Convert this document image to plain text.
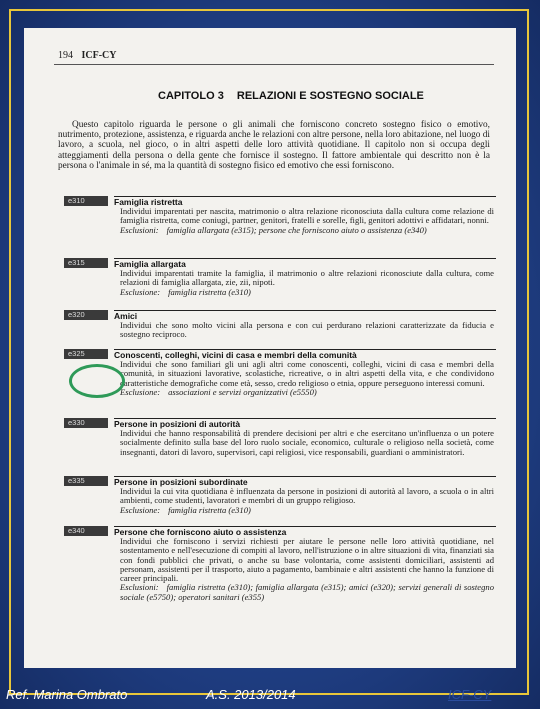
194 ICF-CY
CAPITOLO 3 RELAZIONI E SOSTEGNO SOCIALE

Questo capitolo riguarda le persone o gli animali che forniscono concreto sostegno fisico o emotivo, nutrimento, protezione, assistenza, e riguarda anche le relazioni con altre persone, nella loro abitazione, nel luogo di lavoro, a scuola, nel gioco, o in altri aspetti delle loro attività quotidiane. Il capitolo non si occupa degli atteggiamenti della persona o della gente che fornisce il sostegno. Il fattore ambientale qui descritto non è la persona o l'animale in sé, ma la quantità di sostegno fisico ed emotivo che essi forniscono.

e310	Famiglia ristretta
Individui imparentati per nascita, matrimonio o altra relazione riconosciuta dalla cultura come relazione di famiglia ristretta, come coniugi, partner, genitori, fratelli e sorelle, figli, genitori adottivi e affidatari, nonni.
Esclusioni: famiglia allargata (e315); persone che forniscono aiuto o assistenza (e340)
e315	Famiglia allargata
Individui imparentati tramite la famiglia, il matrimonio o altre relazioni riconosciute dalla cultura, come relazioni di famiglia allargata, zie, zii, nipoti.
Esclusione: famiglia ristretta (e310)
e320	Amici
Individui che sono molto vicini alla persona e con cui perdurano relazioni caratterizzate da fiducia e sostegno reciproco.
e325	Conoscenti, colleghi, vicini di casa e membri della comunità
Individui che sono familiari gli uni agli altri come conoscenti, colleghi, vicini di casa e membri della comunità, in situazioni lavorative, scolastiche, ricreative, o in altri aspetti della vita, e che condividono caratteristiche demografiche come età, sesso, credo religioso o etnia, oppure perseguono interessi comuni.
Esclusione: associazioni e servizi organizzativi (e5550)
e330	Persone in posizioni di autorità
Individui che hanno responsabilità di prendere decisioni per altri e che esercitano un'influenza o un potere socialmente definito sulla base del loro ruolo sociale, economico, culturale o religioso nella società, come insegnanti, datori di lavoro, supervisori, capi religiosi, vice responsabili, guardiani o amministratori.
e335	Persone in posizioni subordinate
Individui la cui vita quotidiana è influenzata da persone in posizioni di autorità al lavoro, a scuola o in altri ambienti, come studenti, lavoratori e membri di un gruppo religioso.
Esclusione: famiglia ristretta (e310)
e340	Persone che forniscono aiuto o assistenza
Individui che forniscono i servizi richiesti per aiutare le persone nelle loro attività quotidiane, nel sostentamento e nell'esecuzione di compiti al lavoro, nell'istruzione o in altre situazioni di vita, finanziati sia con fondi pubblici che privati, o anche su base volontaria, come assistenti domiciliari, assistenti ad personam, assistenti per il trasporto, aiuto a pagamento, bambinaie e altri assistenti che hanno la funzione di career principali.
Esclusioni: famiglia ristretta (e310); famiglia allargata (e315); amici (e320); servizi generali di sostegno sociale (e5750); operatori sanitari (e355)
Ref. Marina Ombrato	A.S. 2013/2014	ICF-CY
